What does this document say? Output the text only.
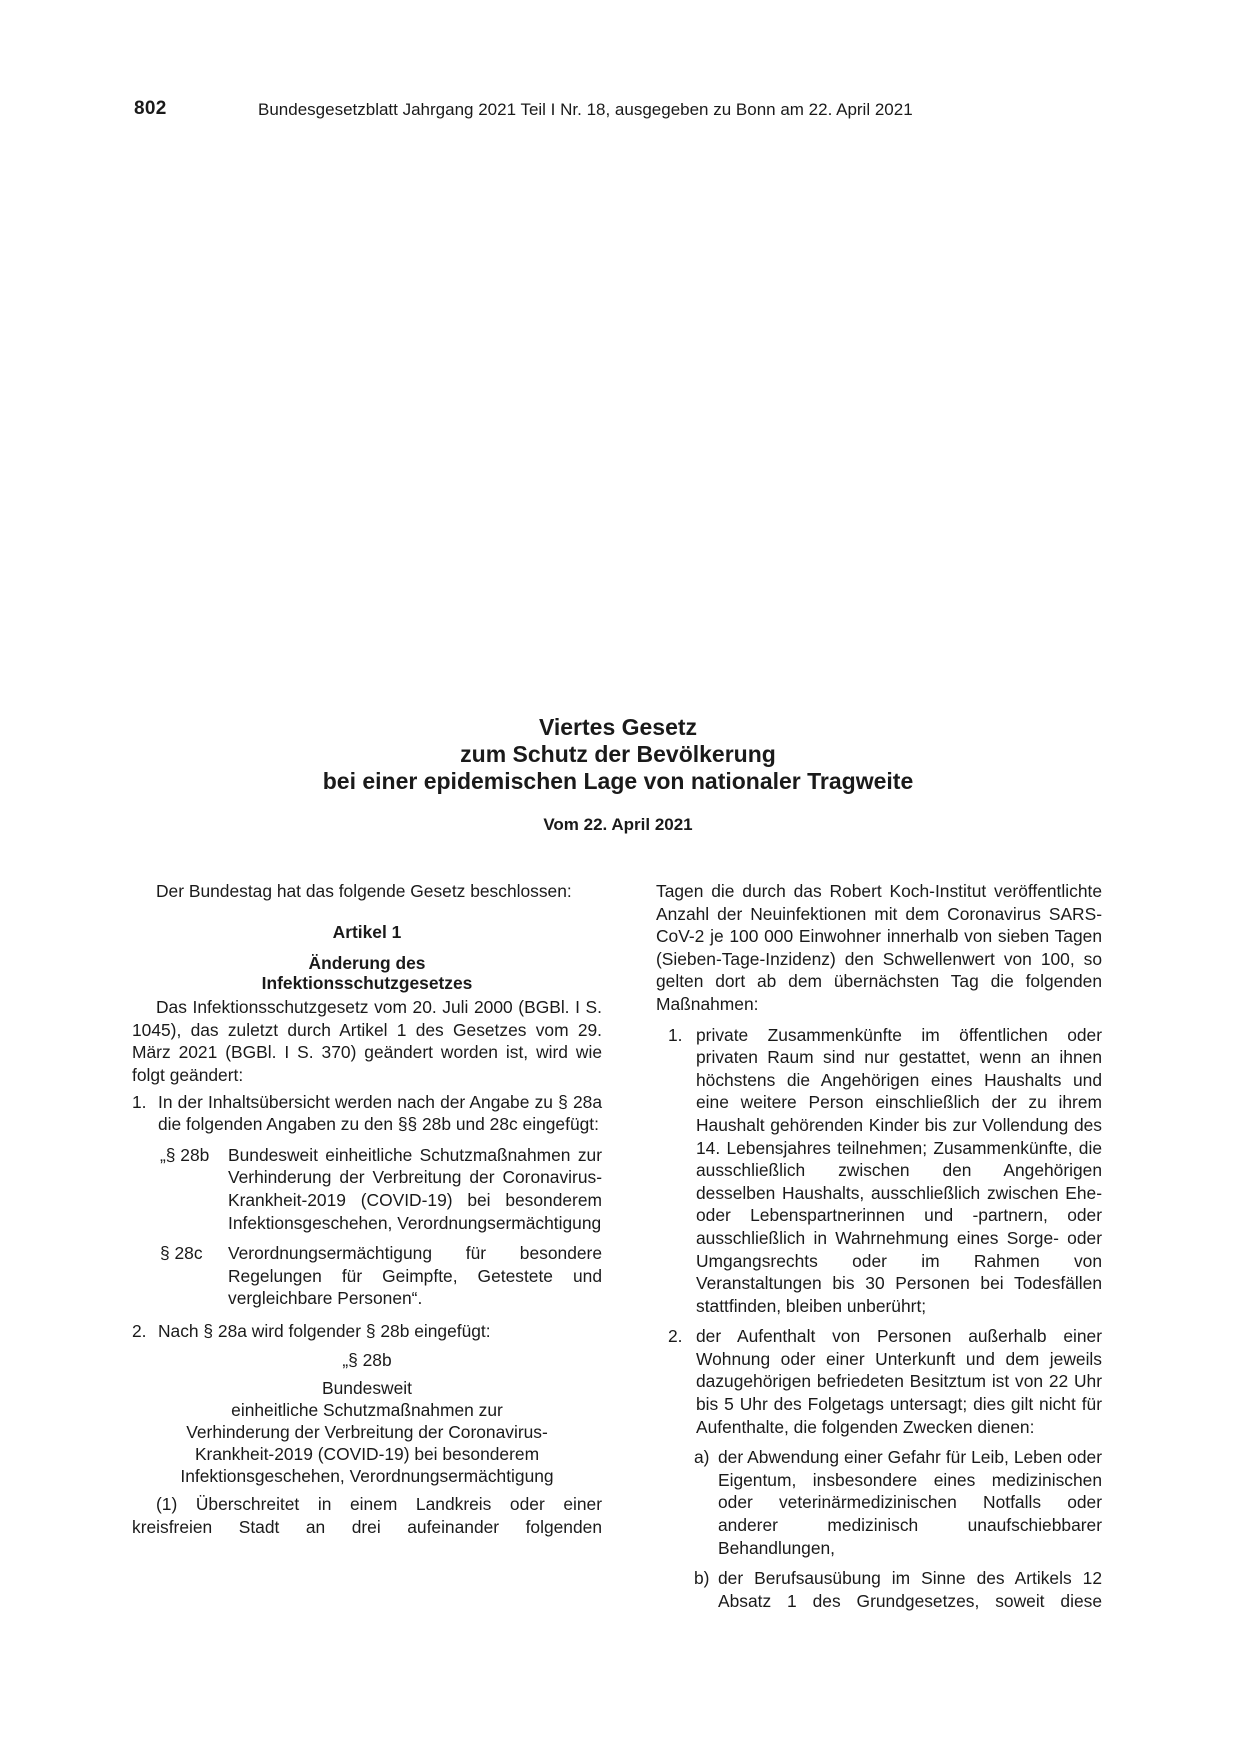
802	Bundesgesetzblatt Jahrgang 2021 Teil I Nr. 18, ausgegeben zu Bonn am 22. April 2021
Viertes Gesetz
zum Schutz der Bevölkerung
bei einer epidemischen Lage von nationaler Tragweite
Vom 22. April 2021

Der Bundestag hat das folgende Gesetz beschlossen:

Artikel 1

Änderung des
Infektionsschutzgesetzes

Das Infektionsschutzgesetz vom 20. Juli 2000 (BGBl. I S. 1045), das zuletzt durch Artikel 1 des Gesetzes vom 29. März 2021 (BGBl. I S. 370) geändert worden ist, wird wie folgt geändert:

1. In der Inhaltsübersicht werden nach der Angabe zu § 28a die folgenden Angaben zu den §§ 28b und 28c eingefügt:
„§ 28b	Bundesweit einheitliche Schutzmaßnahmen zur Verhinderung der Verbreitung der Coronavirus-Krankheit-2019 (COVID-19) bei besonderem Infektionsgeschehen, Verordnungsermächtigung
§ 28c	Verordnungsermächtigung für besondere Regelungen für Geimpfte, Getestete und vergleichbare Personen“.
2. Nach § 28a wird folgender § 28b eingefügt:

„§ 28b

Bundesweit
einheitliche Schutzmaßnahmen zur
Verhinderung der Verbreitung der Coronavirus-
Krankheit-2019 (COVID-19) bei besonderem
Infektionsgeschehen, Verordnungsermächtigung

(1) Überschreitet in einem Landkreis oder einer kreisfreien Stadt an drei aufeinander folgenden

Tagen die durch das Robert Koch-Institut veröffentlichte Anzahl der Neuinfektionen mit dem Coronavirus SARS-CoV-2 je 100 000 Einwohner innerhalb von sieben Tagen (Sieben-Tage-Inzidenz) den Schwellenwert von 100, so gelten dort ab dem übernächsten Tag die folgenden Maßnahmen:

1. private Zusammenkünfte im öffentlichen oder privaten Raum sind nur gestattet, wenn an ihnen höchstens die Angehörigen eines Haushalts und eine weitere Person einschließlich der zu ihrem Haushalt gehörenden Kinder bis zur Vollendung des 14. Lebensjahres teilnehmen; Zusammenkünfte, die ausschließlich zwischen den Angehörigen desselben Haushalts, ausschließlich zwischen Ehe- oder Lebenspartnerinnen und -partnern, oder ausschließlich in Wahrnehmung eines Sorge- oder Umgangsrechts oder im Rahmen von Veranstaltungen bis 30 Personen bei Todesfällen stattfinden, bleiben unberührt;
2. der Aufenthalt von Personen außerhalb einer Wohnung oder einer Unterkunft und dem jeweils dazugehörigen befriedeten Besitztum ist von 22 Uhr bis 5 Uhr des Folgetags untersagt; dies gilt nicht für Aufenthalte, die folgenden Zwecken dienen:
a) der Abwendung einer Gefahr für Leib, Leben oder Eigentum, insbesondere eines medizinischen oder veterinärmedizinischen Notfalls oder anderer medizinisch unaufschiebbarer Behandlungen,
b) der Berufsausübung im Sinne des Artikels 12 Absatz 1 des Grundgesetzes, soweit diese
